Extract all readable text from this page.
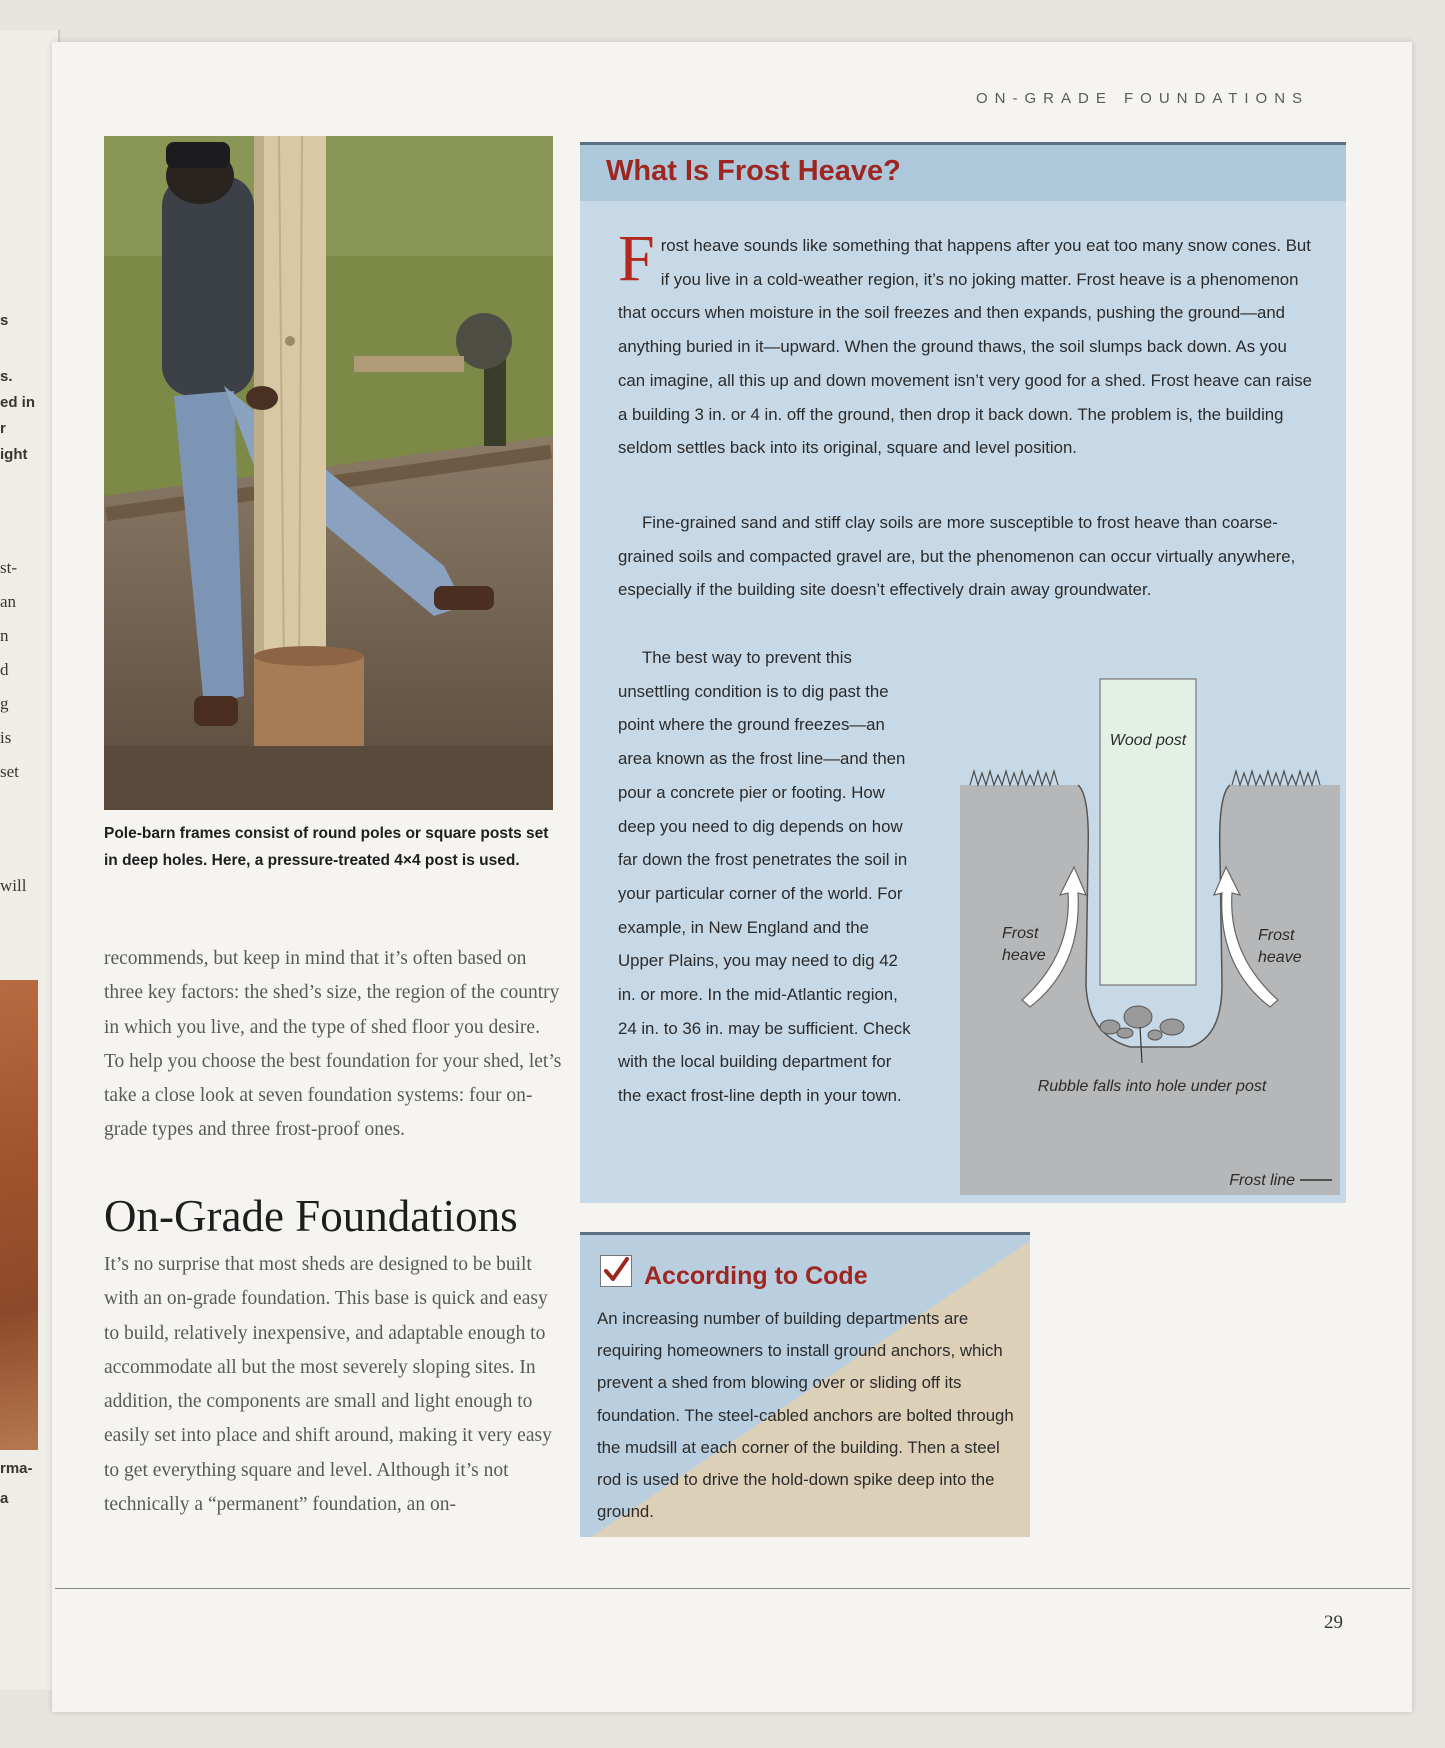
s
s.
ed in
r
ight
st-
an
n
d
g
is
set
will
rma-
a
ON-GRADE FOUNDATIONS
Pole-barn frames consist of round poles or square posts set in deep holes. Here, a pressure-treated 4×4 post is used.
recommends, but keep in mind that it’s often based on three key factors: the shed’s size, the region of the country in which you live, and the type of shed floor you desire. To help you choose the best foundation for your shed, let’s take a close look at seven foundation systems: four on-grade types and three frost-proof ones.
On-Grade Foundations
It’s no surprise that most sheds are designed to be built with an on-grade foundation. This base is quick and easy to build, relatively inexpensive, and adaptable enough to accommodate all but the most severely sloping sites. In addition, the components are small and light enough to easily set into place and shift around, making it very easy to get everything square and level. Although it’s not technically a “permanent” foundation, an on-
What Is Frost Heave?
Frost heave sounds like something that happens after you eat too many snow cones. But if you live in a cold-weather region, it’s no joking matter. Frost heave is a phenomenon that occurs when moisture in the soil freezes and then expands, pushing the ground—and anything buried in it—upward. When the ground thaws, the soil slumps back down. As you can imagine, all this up and down movement isn’t very good for a shed. Frost heave can raise a building 3 in. or 4 in. off the ground, then drop it back down. The problem is, the building seldom settles back into its original, square and level position.
Fine-grained sand and stiff clay soils are more susceptible to frost heave than coarse-grained soils and compacted gravel are, but the phenomenon can occur virtually anywhere, especially if the building site doesn’t effectively drain away groundwater.
The best way to prevent this unsettling condition is to dig past the point where the ground freezes—an area known as the frost line—and then pour a concrete pier or footing. How deep you need to dig depends on how far down the frost penetrates the soil in your particular corner of the world. For example, in New England and the Upper Plains, you may need to dig 42 in. or more. In the mid-Atlantic region, 24 in. to 36 in. may be sufficient. Check with the local building department for the exact frost-line depth in your town.
Wood post
Frost
heave
Frost
heave
Rubble falls into hole under post
Frost line
According to Code
An increasing number of building departments are requiring homeowners to install ground anchors, which prevent a shed from blowing over or sliding off its foundation. The steel-cabled anchors are bolted through the mudsill at each corner of the building. Then a steel rod is used to drive the hold-down spike deep into the ground.
29
